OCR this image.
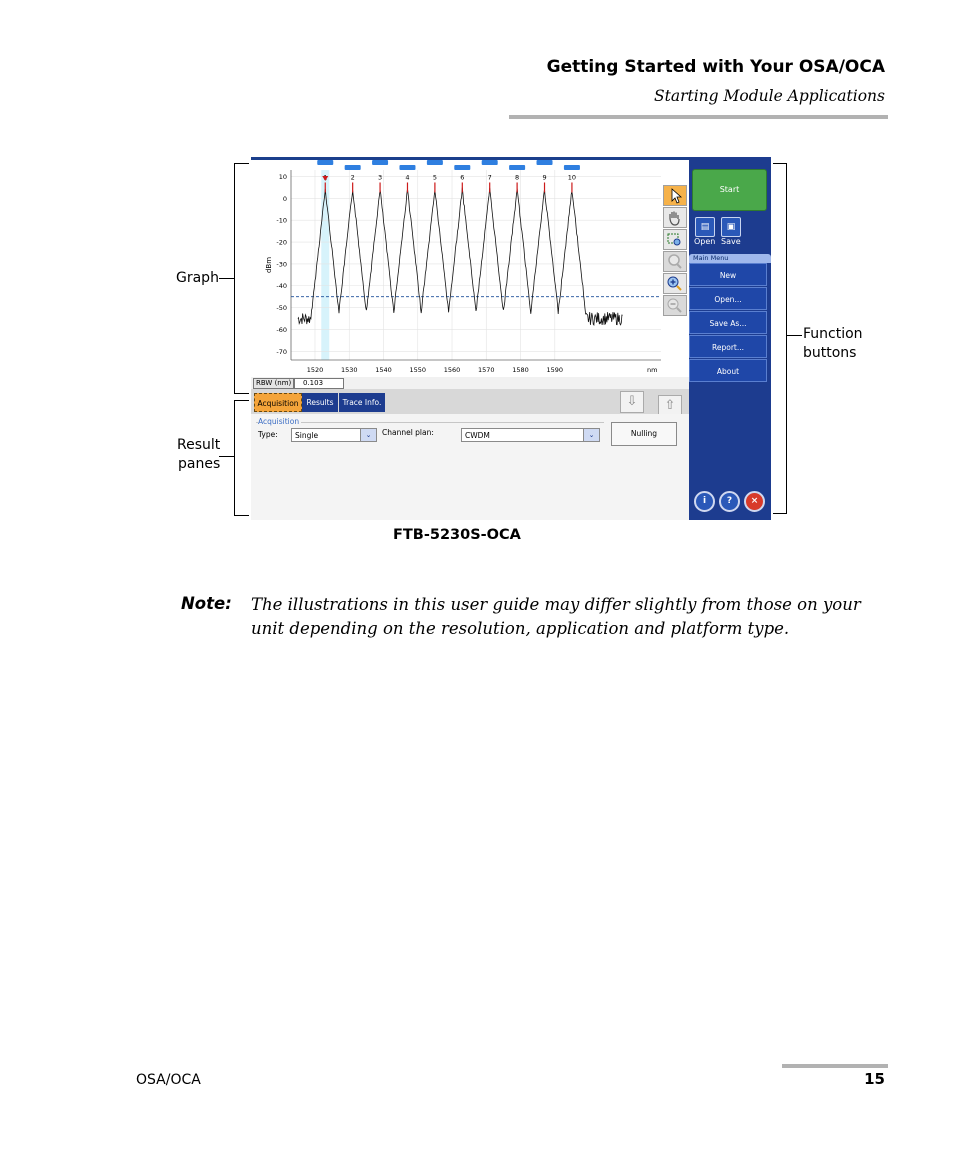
Getting Started with Your OSA/OCA
Starting Module Applications
Graph
Result
panes
Function
buttons
10
0
-10
-20
-30
-40
-50
-60
-70
1520	1530	1540	1550	1560	1570	1580	1590	nm
dBm
2	3	4	5	6	7	8	9	10
RBW (nm)	0.103
Start
▤	▣
Open Save
Main Menu
New
Open...
Save As...
Report...
About
i	?	×
Acquisition	Results	Trace Info.	⇩	⇧
Acquisition
Type:	Single	⌄	Channel plan:	CWDM	⌄	Nulling
FTB-5230S-OCA
Note: The illustrations in this user guide may differ slightly from those on your unit depending on the resolution, application and platform type.
OSA/OCA	15
